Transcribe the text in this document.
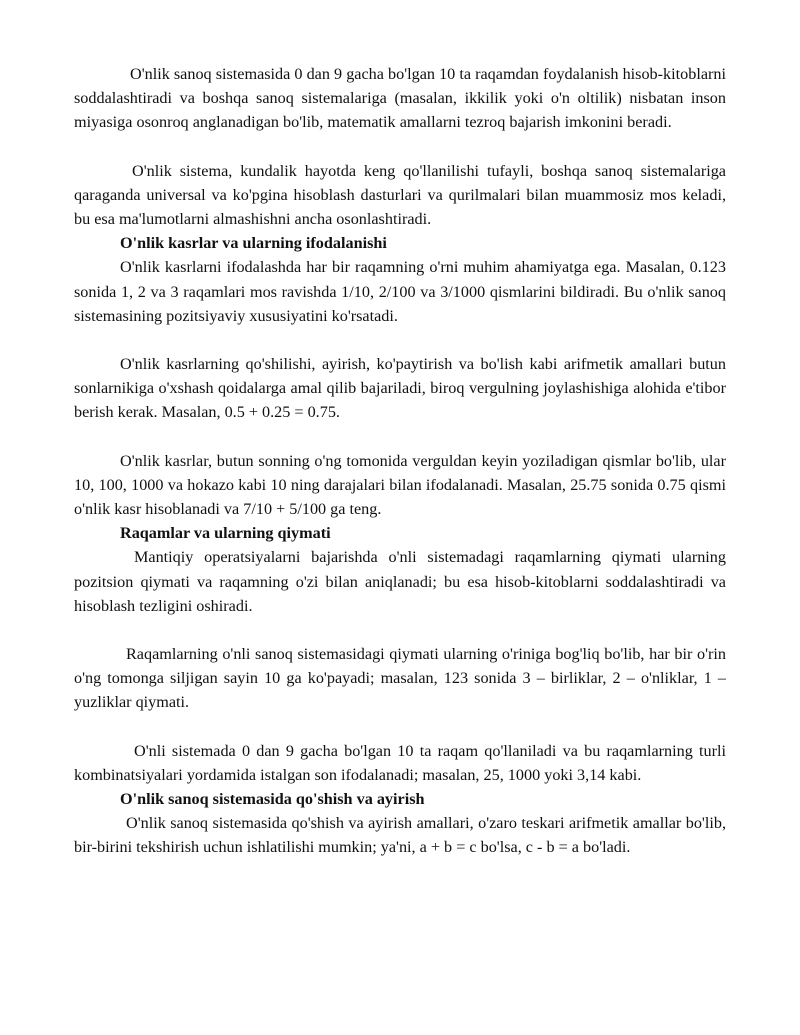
O'nlik sanoq sistemasida 0 dan 9 gacha bo'lgan 10 ta raqamdan foydalanish hisob-kitoblarni soddalashtiradi va boshqa sanoq sistemalariga (masalan, ikkilik yoki o'n oltilik) nisbatan inson miyasiga osonroq anglanadigan bo'lib, matematik amallarni tezroq bajarish imkonini beradi.

O'nlik sistema, kundalik hayotda keng qo'llanilishi tufayli, boshqa sanoq sistemalariga qaraganda universal va ko'pgina hisoblash dasturlari va qurilmalari bilan muammosiz mos keladi, bu esa ma'lumotlarni almashishni ancha osonlashtiradi.

O'nlik kasrlar va ularning ifodalanishi

O'nlik kasrlarni ifodalashda har bir raqamning o'rni muhim ahamiyatga ega. Masalan, 0.123 sonida 1, 2 va 3 raqamlari mos ravishda 1/10, 2/100 va 3/1000 qismlarini bildiradi. Bu o'nlik sanoq sistemasining pozitsiyaviy xususiyatini ko'rsatadi.

O'nlik kasrlarning qo'shilishi, ayirish, ko'paytirish va bo'lish kabi arifmetik amallari butun sonlarnikiga o'xshash qoidalarga amal qilib bajariladi, biroq vergulning joylashishiga alohida e'tibor berish kerak. Masalan, 0.5 + 0.25 = 0.75.

O'nlik kasrlar, butun sonning o'ng tomonida verguldan keyin yoziladigan qismlar bo'lib, ular 10, 100, 1000 va hokazo kabi 10 ning darajalari bilan ifodalanadi. Masalan, 25.75 sonida 0.75 qismi o'nlik kasr hisoblanadi va 7/10 + 5/100 ga teng.

Raqamlar va ularning qiymati

Mantiqiy operatsiyalarni bajarishda o'nli sistemadagi raqamlarning qiymati ularning pozitsion qiymati va raqamning o'zi bilan aniqlanadi; bu esa hisob-kitoblarni soddalashtiradi va hisoblash tezligini oshiradi.

Raqamlarning o'nli sanoq sistemasidagi qiymati ularning o'riniga bog'liq bo'lib, har bir o'rin o'ng tomonga siljigan sayin 10 ga ko'payadi; masalan, 123 sonida 3 – birliklar, 2 – o'nliklar, 1 – yuzliklar qiymati.

O'nli sistemada 0 dan 9 gacha bo'lgan 10 ta raqam qo'llaniladi va bu raqamlarning turli kombinatsiyalari yordamida istalgan son ifodalanadi; masalan, 25, 1000 yoki 3,14 kabi.

O'nlik sanoq sistemasida qo'shish va ayirish

O'nlik sanoq sistemasida qo'shish va ayirish amallari, o'zaro teskari arifmetik amallar bo'lib, bir-birini tekshirish uchun ishlatilishi mumkin; ya'ni, a + b = c bo'lsa, c - b = a bo'ladi.
